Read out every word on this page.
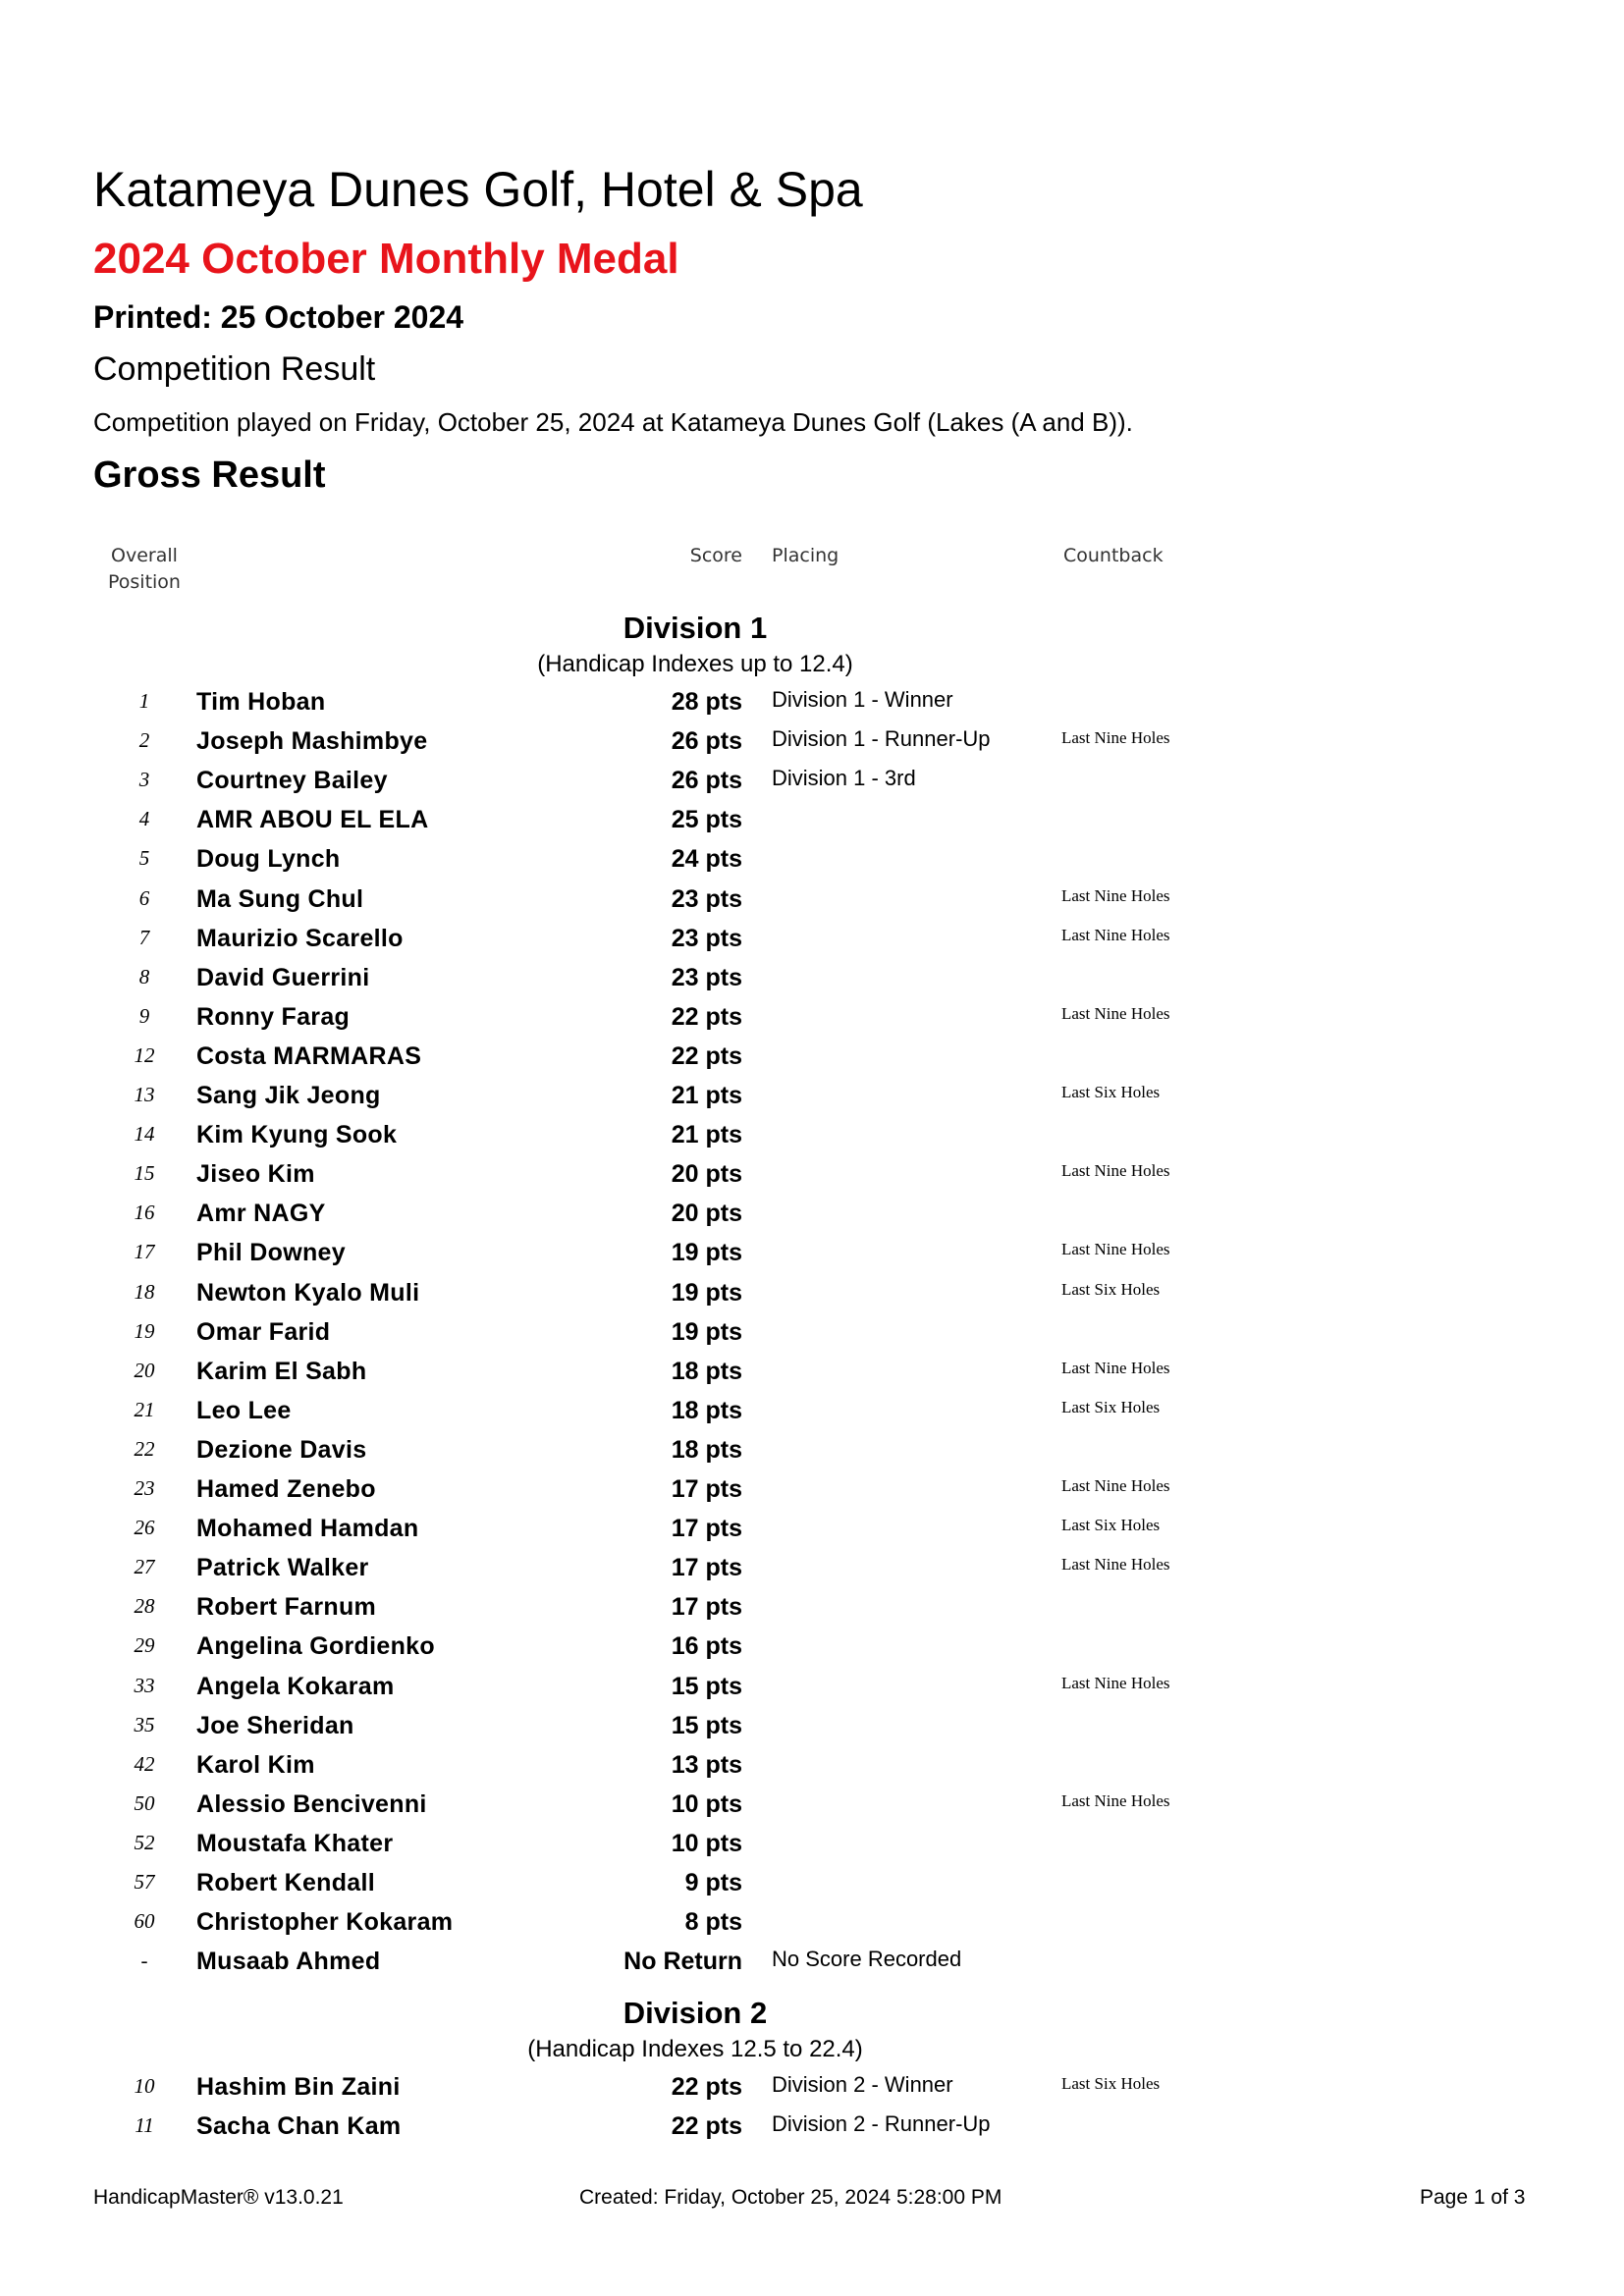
Katameya Dunes Golf, Hotel & Spa
2024 October Monthly Medal
Printed: 25 October 2024
Competition Result
Competition played on Friday, October 25, 2024 at Katameya Dunes Golf (Lakes (A and B)).
Gross Result
Overall
Position
Score Placing	Countback
Division 1
(Handicap Indexes up to 12.4)
1	Tim Hoban	28 pts Division 1 - Winner
2	Joseph Mashimbye	26 pts Division 1 - Runner-Up	Last Nine Holes
3	Courtney Bailey	26 pts Division 1 - 3rd
4	AMR ABOU EL ELA	25 pts
5	Doug Lynch	24 pts
6	Ma Sung Chul	23 pts	Last Nine Holes
7	Maurizio Scarello	23 pts	Last Nine Holes
8	David Guerrini	23 pts
9	Ronny Farag	22 pts	Last Nine Holes
12	Costa MARMARAS	22 pts
13	Sang Jik Jeong	21 pts	Last Six Holes
14	Kim Kyung Sook	21 pts
15	Jiseo Kim	20 pts	Last Nine Holes
16	Amr NAGY	20 pts
17	Phil Downey	19 pts	Last Nine Holes
18	Newton Kyalo Muli	19 pts	Last Six Holes
19	Omar Farid	19 pts
20	Karim El Sabh	18 pts	Last Nine Holes
21	Leo Lee	18 pts	Last Six Holes
22	Dezione Davis	18 pts
23	Hamed Zenebo	17 pts	Last Nine Holes
26	Mohamed Hamdan	17 pts	Last Six Holes
27	Patrick Walker	17 pts	Last Nine Holes
28	Robert Farnum	17 pts
29	Angelina Gordienko	16 pts
33	Angela Kokaram	15 pts	Last Nine Holes
35	Joe Sheridan	15 pts
42	Karol Kim	13 pts
50	Alessio Bencivenni	10 pts	Last Nine Holes
52	Moustafa Khater	10 pts
57	Robert Kendall	9 pts
60	Christopher Kokaram	8 pts
-	Musaab Ahmed	No Return No Score Recorded
Division 2
(Handicap Indexes 12.5 to 22.4)
10	Hashim Bin Zaini	22 pts Division 2 - Winner	Last Six Holes
11	Sacha Chan Kam	22 pts Division 2 - Runner-Up
HandicapMaster® v13.0.21	Created: Friday, October 25, 2024 5:28:00 PM	Page 1 of 3
